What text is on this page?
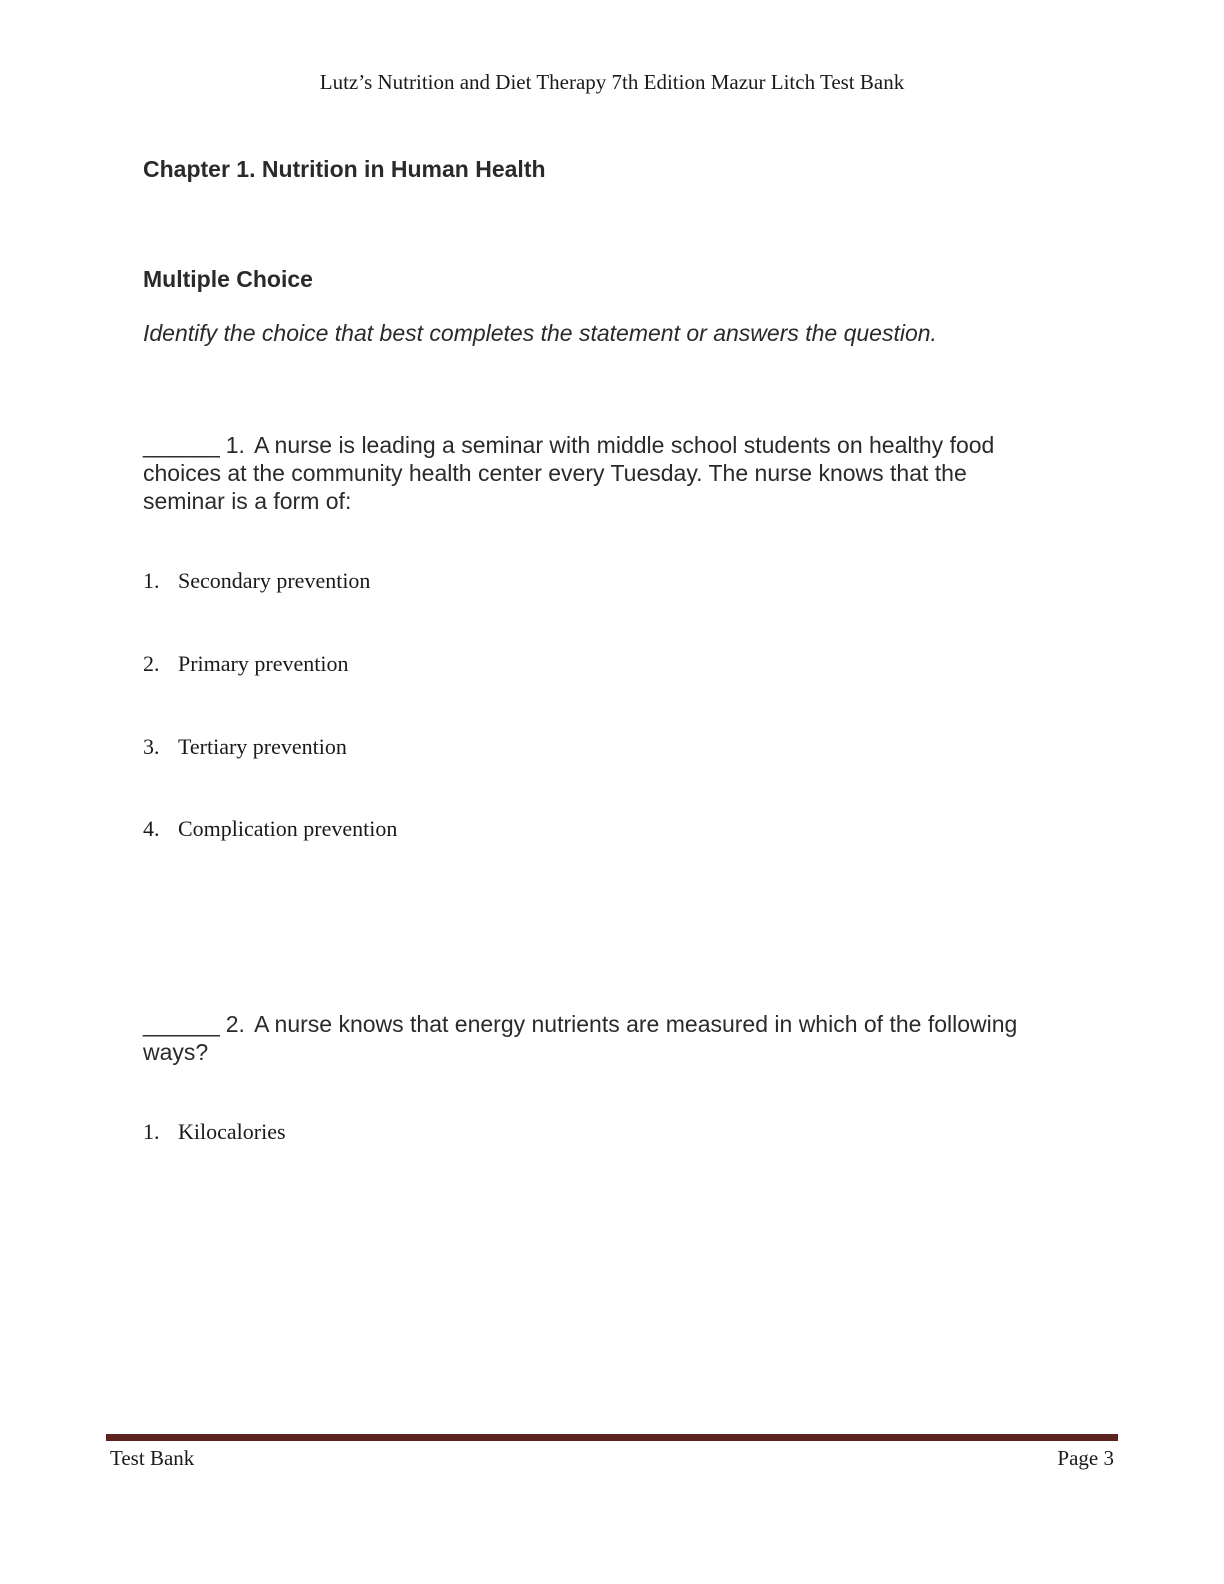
Lutz’s Nutrition and Diet Therapy 7th Edition Mazur Litch Test Bank
Chapter 1. Nutrition in Human Health
Multiple Choice
Identify the choice that best completes the statement or answers the question.
______ 1. A nurse is leading a seminar with middle school students on healthy food choices at the community health center every Tuesday. The nurse knows that the seminar is a form of:
1. Secondary prevention
2. Primary prevention
3. Tertiary prevention
4. Complication prevention
______ 2. A nurse knows that energy nutrients are measured in which of the following ways?
1. Kilocalories
Test Bank	Page 3
